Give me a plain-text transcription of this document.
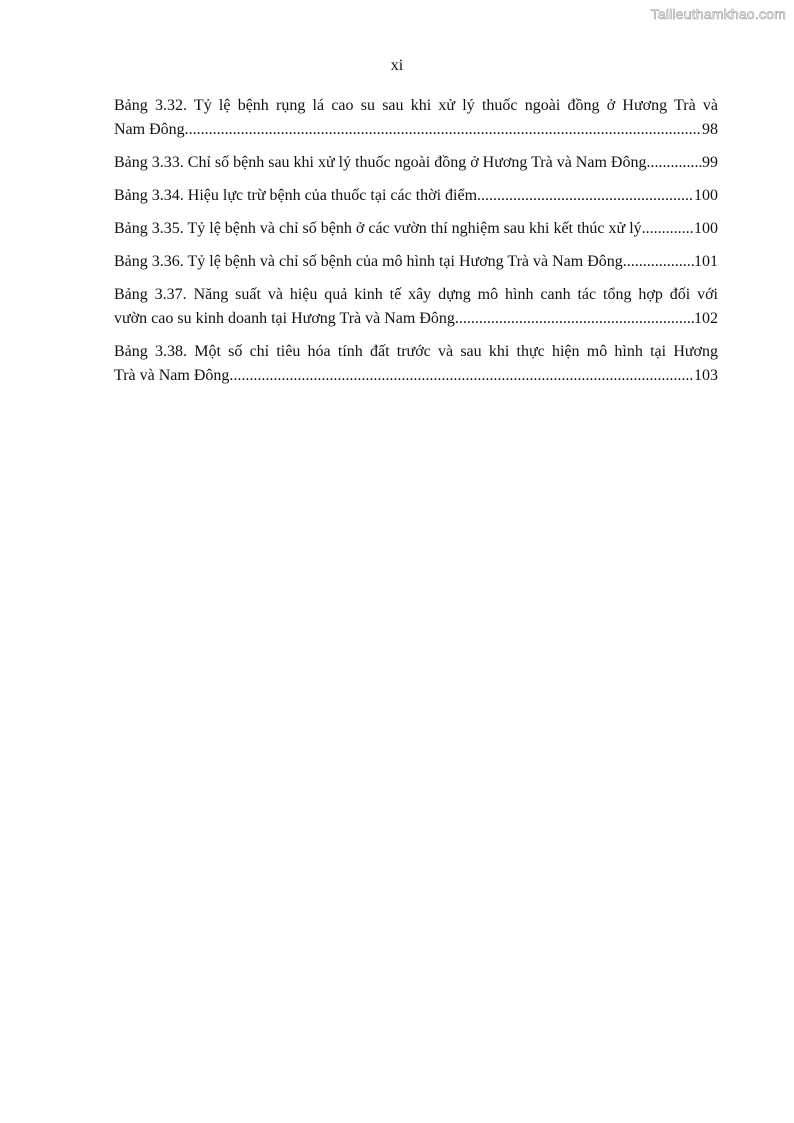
Tailieuthamkhao.com
xi
Bảng 3.32. Tỷ lệ bệnh rụng lá cao su sau khi xử lý thuốc ngoài đồng ở Hương Trà và
Nam Đông .....	98
Bảng 3.33. Chỉ số bệnh sau khi xử lý thuốc ngoài đồng ở Hương Trà và Nam Đông .....	99
Bảng 3.34. Hiệu lực trừ bệnh của thuốc tại các thời điểm .....	100
Bảng 3.35. Tỷ lệ bệnh và chỉ số bệnh ở các vườn thí nghiệm sau khi kết thúc xử lý .....	100
Bảng 3.36. Tỷ lệ bệnh và chỉ số bệnh của mô hình tại Hương Trà và Nam Đông .....	101
Bảng 3.37. Năng suất và hiệu quả kinh tế xây dựng mô hình canh tác tổng hợp đối với
vườn cao su kinh doanh tại Hương Trà và Nam Đông .....	102
Bảng 3.38. Một số chỉ tiêu hóa tính đất trước và sau khi thực hiện mô hình tại Hương
Trà và Nam Đông .....	103
